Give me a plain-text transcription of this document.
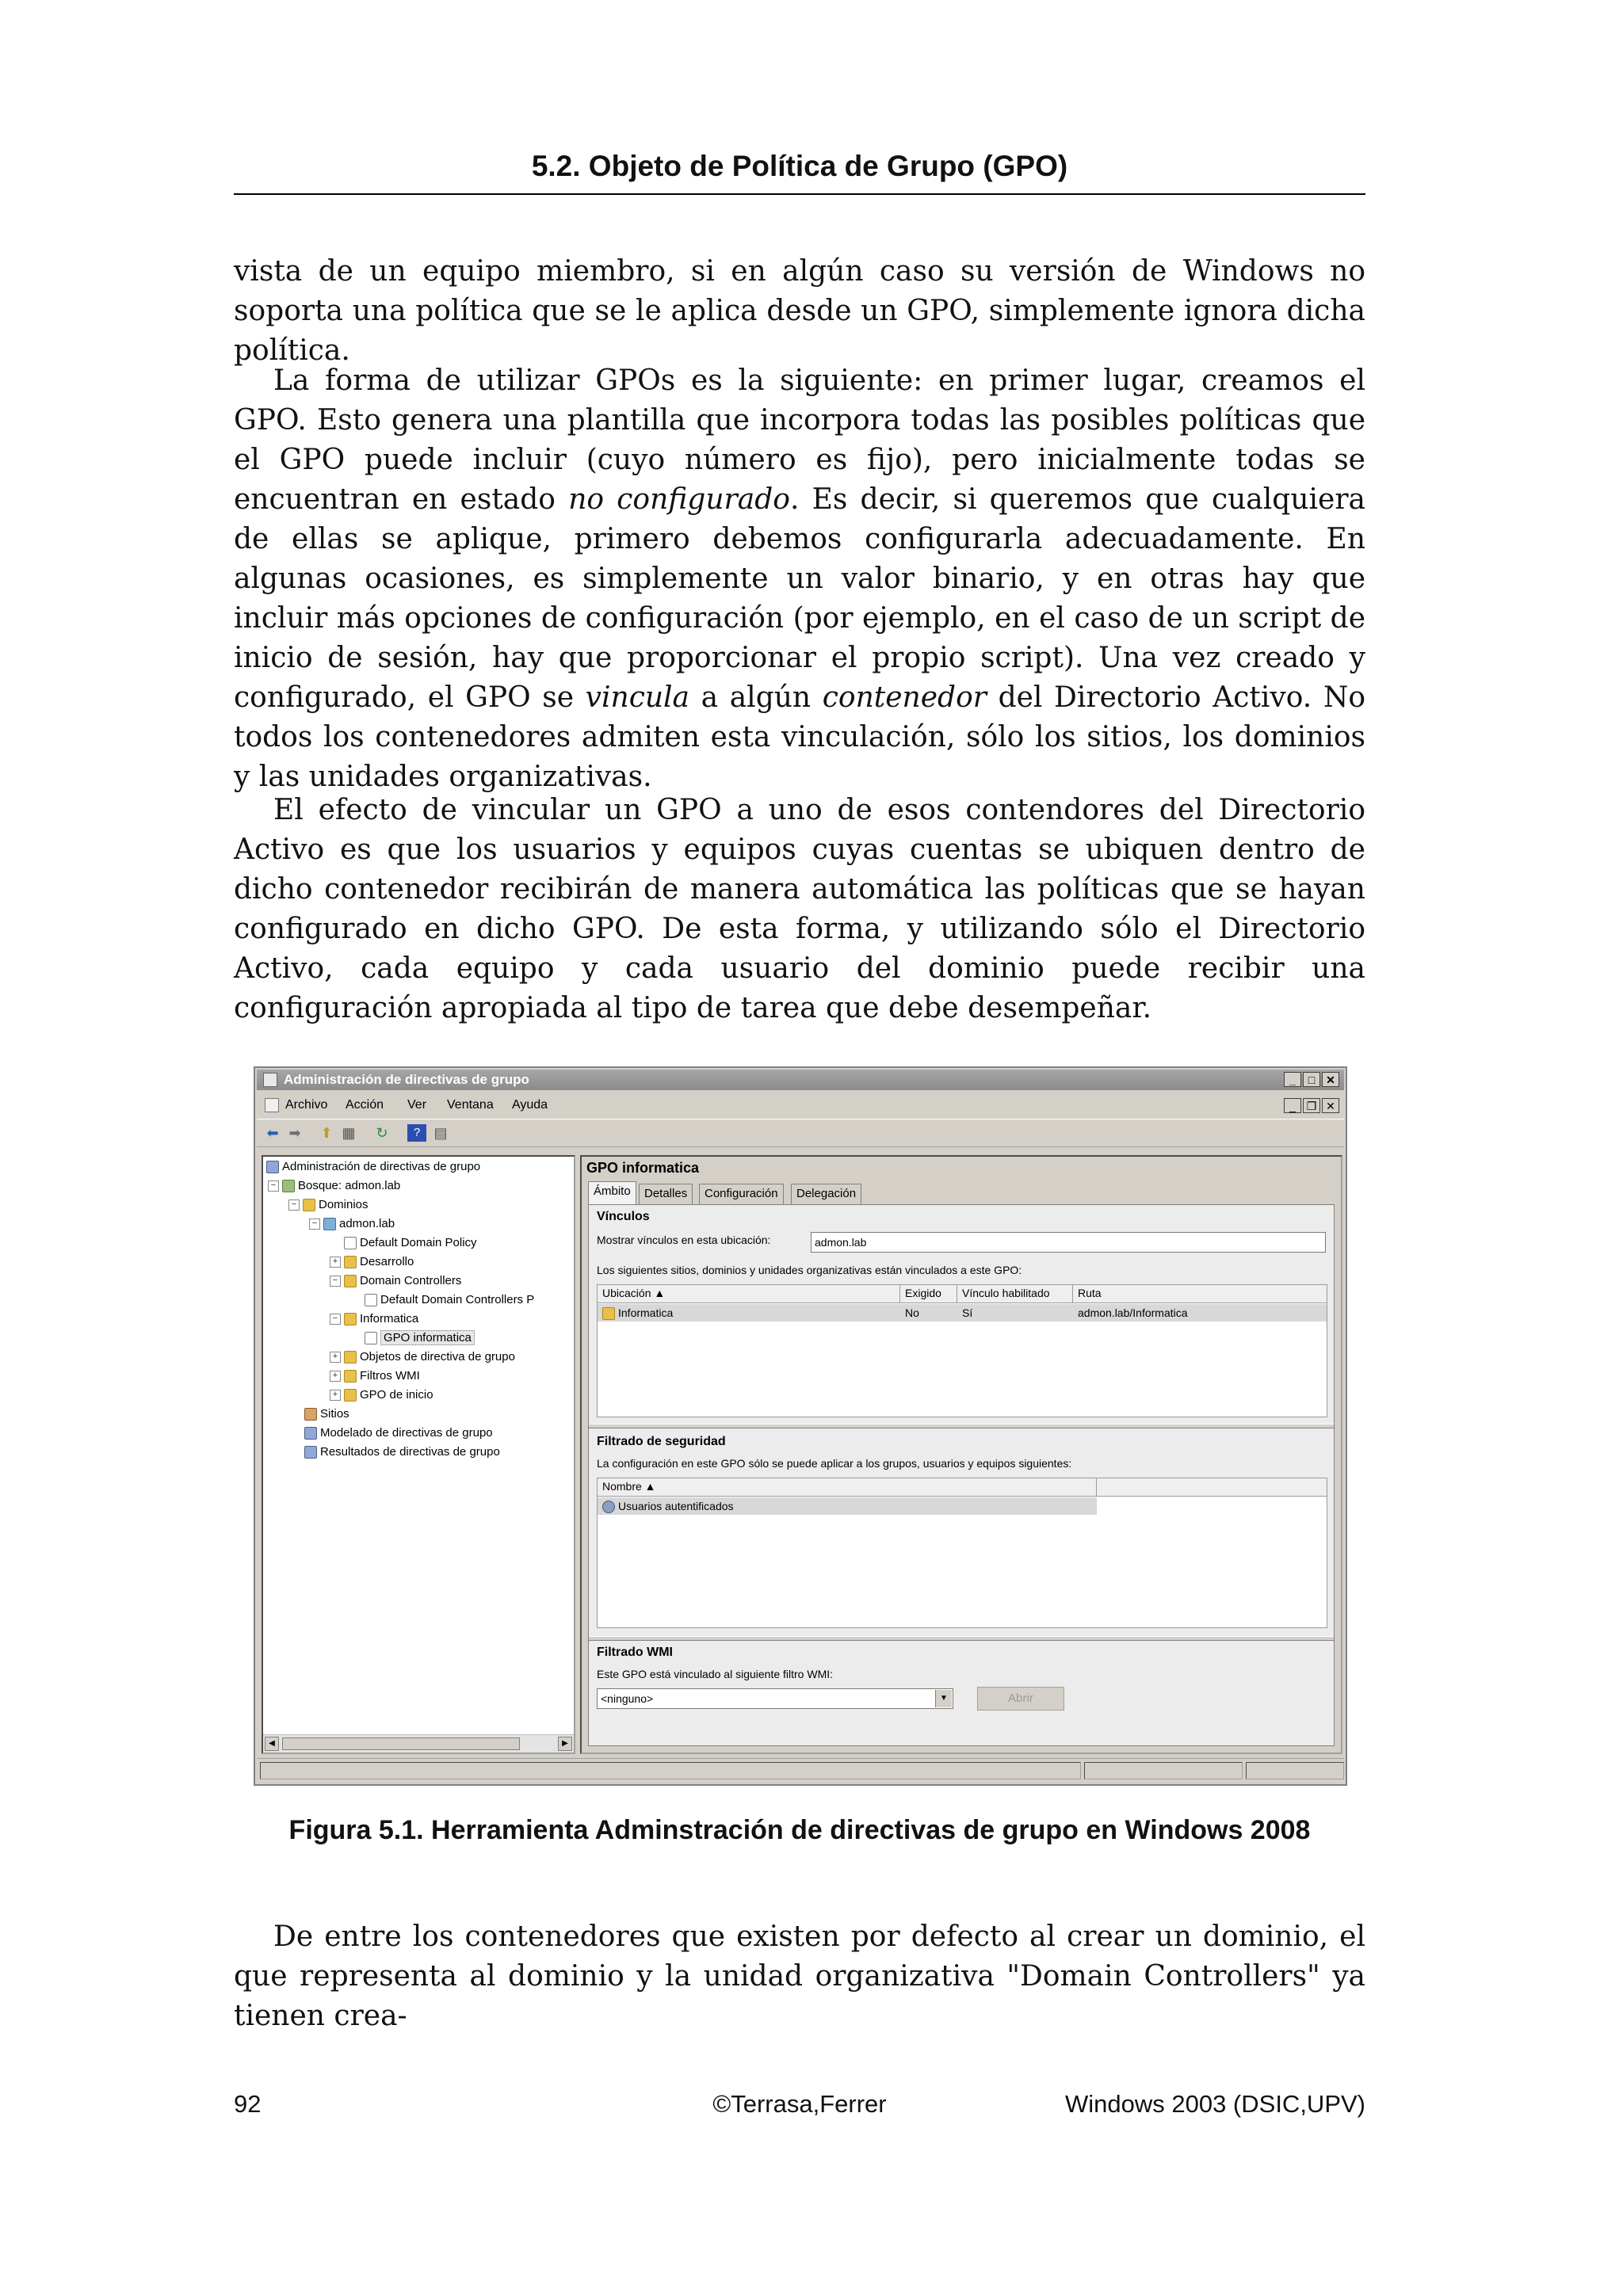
5.2. Objeto de Política de Grupo (GPO)

vista de un equipo miembro, si en algún caso su versión de Windows no soporta una política que se le aplica desde un GPO, simplemente ignora dicha política.

La forma de utilizar GPOs es la siguiente: en primer lugar, creamos el GPO. Esto genera una plantilla que incorpora todas las posibles políticas que el GPO puede incluir (cuyo número es fijo), pero inicialmente todas se encuentran en estado no configurado. Es decir, si queremos que cualquiera de ellas se aplique, primero debemos configurarla adecuadamente. En algunas ocasiones, es simplemente un valor binario, y en otras hay que incluir más opciones de configuración (por ejemplo, en el caso de un script de inicio de sesión, hay que proporcionar el propio script). Una vez creado y configurado, el GPO se vincula a algún contenedor del Directorio Activo. No todos los contenedores admiten esta vinculación, sólo los sitios, los dominios y las unidades organizativas.

El efecto de vincular un GPO a uno de esos contendores del Directorio Activo es que los usuarios y equipos cuyas cuentas se ubiquen dentro de dicho contenedor recibirán de manera automática las políticas que se hayan configurado en dicho GPO. De esta forma, y utilizando sólo el Directorio Activo, cada equipo y cada usuario del dominio puede recibir una configuración apropiada al tipo de tarea que debe desempeñar.

Administración de directivas de grupo	_	□ ✕
Archivo Acción Ver Ventana Ayuda	_ ❐ ✕
⬅ ➡ ⬆ ▦ ↻	? ▤
Administración de directivas de grupo
− Bosque: admon.lab
− Dominios
− admon.lab
Default Domain Policy
+ Desarrollo
− Domain Controllers
Default Domain Controllers P
− Informatica
GPO informatica
+ Objetos de directiva de grupo
+ Filtros WMI
+ GPO de inicio
Sitios
Modelado de directivas de grupo
Resultados de directivas de grupo
◀	▶
GPO informatica
Ámbito	Detalles	Configuración	Delegación
Vínculos
Mostrar vínculos en esta ubicación:	admon.lab
Los siguientes sitios, dominios y unidades organizativas están vinculados a este GPO:
Ubicación ▲	Exigido	Vínculo habilitado	Ruta
Informatica	No	Sí	admon.lab/Informatica
Filtrado de seguridad
La configuración en este GPO sólo se puede aplicar a los grupos, usuarios y equipos siguientes:
Nombre ▲
Usuarios autentificados
Filtrado WMI
Este GPO está vinculado al siguiente filtro WMI:
<ninguno>	▼	Abrir
Figura 5.1. Herramienta Adminstración de directivas de grupo en Windows 2008

De entre los contenedores que existen por defecto al crear un dominio, el que representa al dominio y la unidad organizativa "Domain Controllers" ya tienen crea-

92	©Terrasa,Ferrer	Windows 2003 (DSIC,UPV)
